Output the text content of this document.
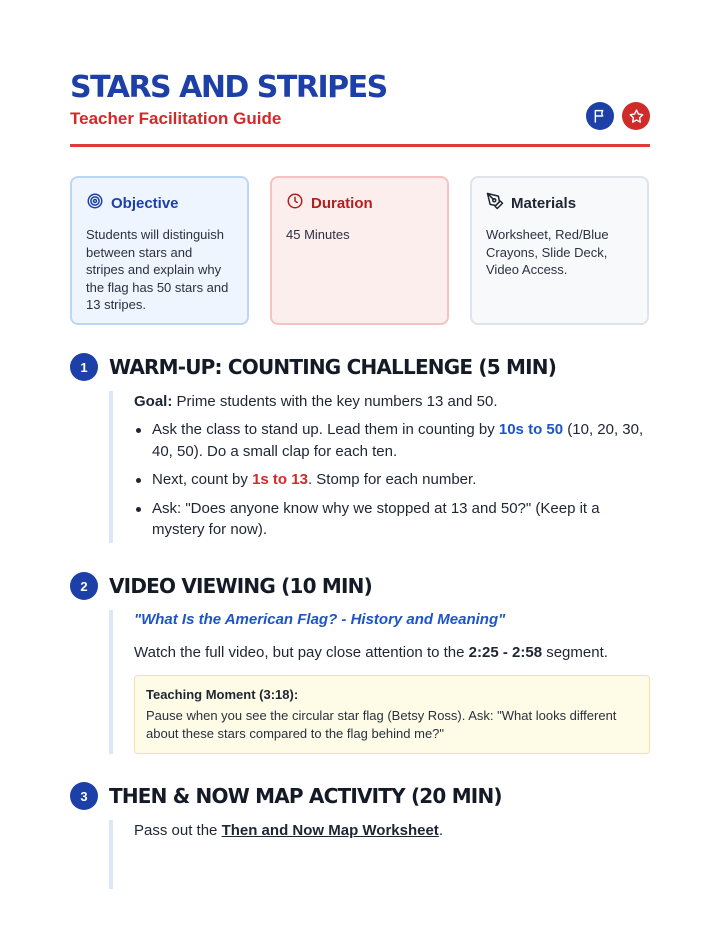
STARS AND STRIPES
Teacher Facilitation Guide
Objective
Students will distinguish between stars and stripes and explain why the flag has 50 stars and 13 stripes.
Duration
45 Minutes
Materials
Worksheet, Red/Blue Crayons, Slide Deck, Video Access.
1	WARM-UP: COUNTING CHALLENGE (5 MIN)
Goal: Prime students with the key numbers 13 and 50.
Ask the class to stand up. Lead them in counting by 10s to 50 (10, 20, 30, 40, 50). Do a small clap for each ten.
Next, count by 1s to 13. Stomp for each number.
Ask: "Does anyone know why we stopped at 13 and 50?" (Keep it a mystery for now).
2	VIDEO VIEWING (10 MIN)
"What Is the American Flag? - History and Meaning"
Watch the full video, but pay close attention to the 2:25 - 2:58 segment.
Teaching Moment (3:18):
Pause when you see the circular star flag (Betsy Ross). Ask: "What looks different about these stars compared to the flag behind me?"
3	THEN & NOW MAP ACTIVITY (20 MIN)
Pass out the Then and Now Map Worksheet.
